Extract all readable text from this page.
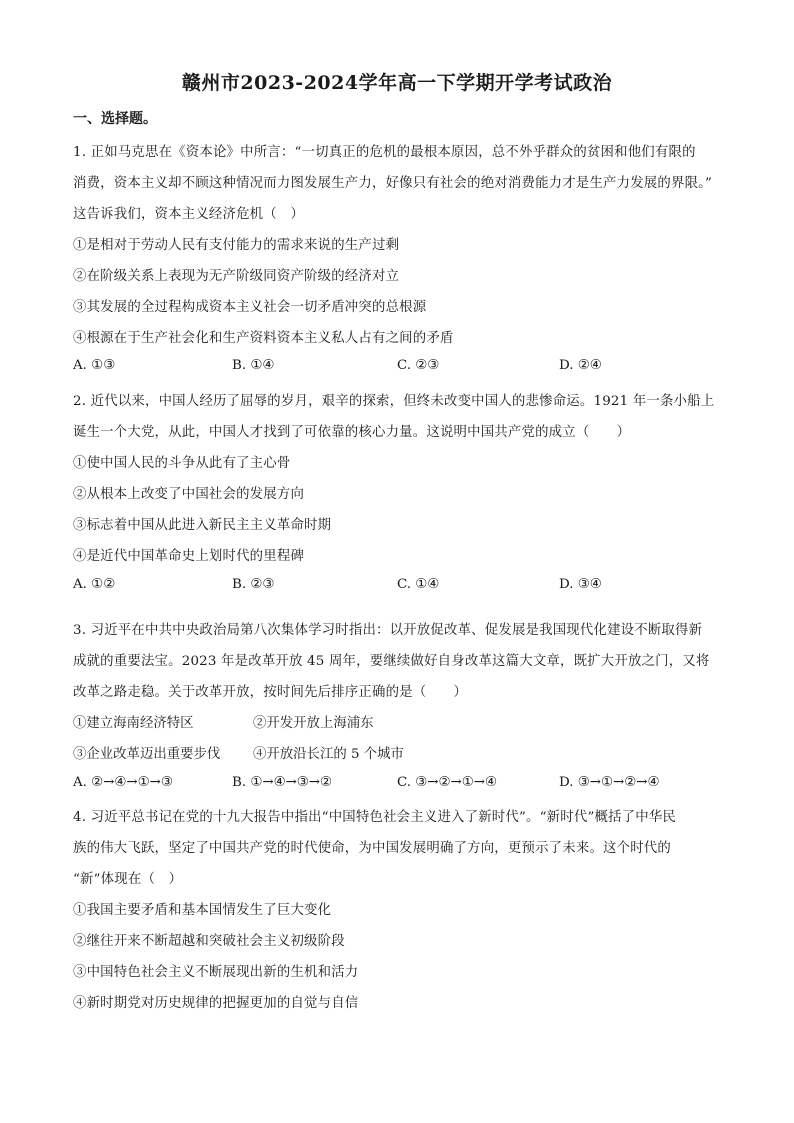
赣州市2023-2024学年高一下学期开学考试政治
一、选择题。
1. 正如马克思在《资本论》中所言：“一切真正的危机的最根本原因，总不外乎群众的贫困和他们有限的
消费，资本主义却不顾这种情况而力图发展生产力，好像只有社会的绝对消费能力才是生产力发展的界限。”
这告诉我们，资本主义经济危机（　）
①是相对于劳动人民有支付能力的需求来说的生产过剩
②在阶级关系上表现为无产阶级同资产阶级的经济对立
③其发展的全过程构成资本主义社会一切矛盾冲突的总根源
④根源在于生产社会化和生产资料资本主义私人占有之间的矛盾
A. ①③	B. ①④	C. ②③	D. ②④
2. 近代以来，中国人经历了屈辱的岁月，艰辛的探索，但终未改变中国人的悲惨命运。1921 年一条小船上
诞生一个大党，从此，中国人才找到了可依靠的核心力量。这说明中国共产党的成立（　　）
①使中国人民的斗争从此有了主心骨
②从根本上改变了中国社会的发展方向
③标志着中国从此进入新民主主义革命时期
④是近代中国革命史上划时代的里程碑
A. ①②	B. ②③	C. ①④	D. ③④
3. 习近平在中共中央政治局第八次集体学习时指出：以开放促改革、促发展是我国现代化建设不断取得新
成就的重要法宝。2023 年是改革开放 45 周年，要继续做好自身改革这篇大文章，既扩大开放之门，又将
改革之路走稳。关于改革开放，按时间先后排序正确的是（　　）
①建立海南经济特区	②开发开放上海浦东
③企业改革迈出重要步伐 ④开放沿长江的 5 个城市
A. ②→④→①→③	B. ①→④→③→②	C. ③→②→①→④	D. ③→①→②→④
4. 习近平总书记在党的十九大报告中指出“中国特色社会主义进入了新时代”。“新时代”概括了中华民
族的伟大飞跃，坚定了中国共产党的时代使命，为中国发展明确了方向，更预示了未来。这个时代的
“新”体现在（　）
①我国主要矛盾和基本国情发生了巨大变化
②继往开来不断超越和突破社会主义初级阶段
③中国特色社会主义不断展现出新的生机和活力
④新时期党对历史规律的把握更加的自觉与自信
